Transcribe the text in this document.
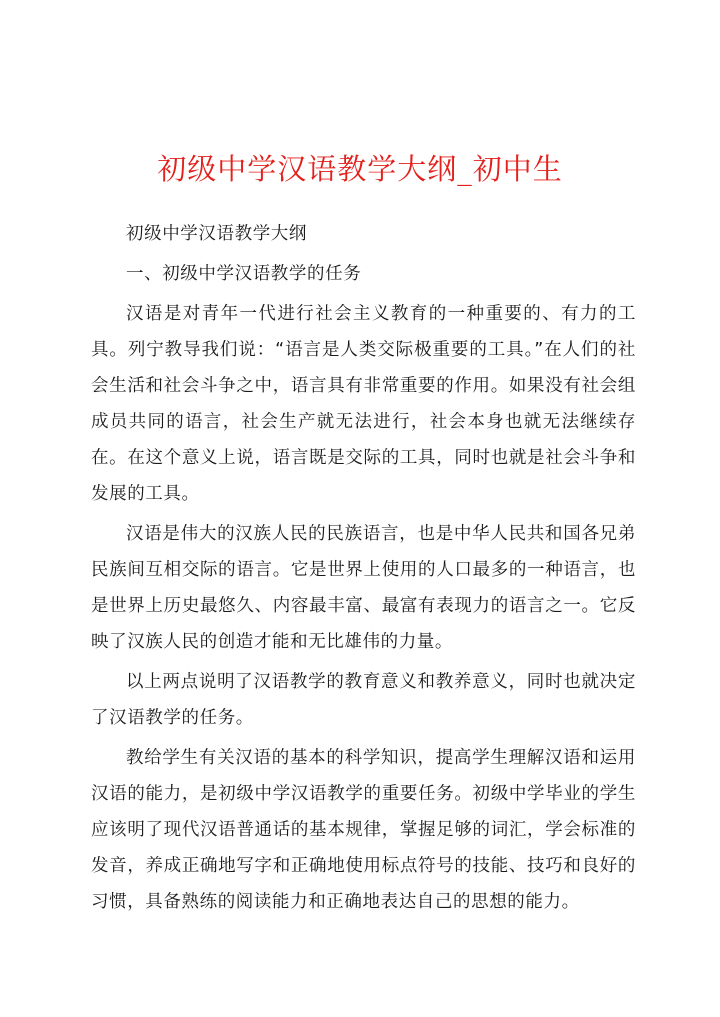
初级中学汉语教学大纲_初中生

初级中学汉语教学大纲

一、初级中学汉语教学的任务

汉语是对青年一代进行社会主义教育的一种重要的、有力的工具。列宁教导我们说：“语言是人类交际极重要的工具。”在人们的社会生活和社会斗争之中，语言具有非常重要的作用。如果没有社会组成员共同的语言，社会生产就无法进行，社会本身也就无法继续存在。在这个意义上说，语言既是交际的工具，同时也就是社会斗争和发展的工具。

汉语是伟大的汉族人民的民族语言，也是中华人民共和国各兄弟民族间互相交际的语言。它是世界上使用的人口最多的一种语言，也是世界上历史最悠久、内容最丰富、最富有表现力的语言之一。它反映了汉族人民的创造才能和无比雄伟的力量。

以上两点说明了汉语教学的教育意义和教养意义，同时也就决定了汉语教学的任务。

教给学生有关汉语的基本的科学知识，提高学生理解汉语和运用汉语的能力，是初级中学汉语教学的重要任务。初级中学毕业的学生应该明了现代汉语普通话的基本规律，掌握足够的词汇，学会标准的发音，养成正确地写字和正确地使用标点符号的技能、技巧和良好的习惯，具备熟练的阅读能力和正确地表达自己的思想的能力。
